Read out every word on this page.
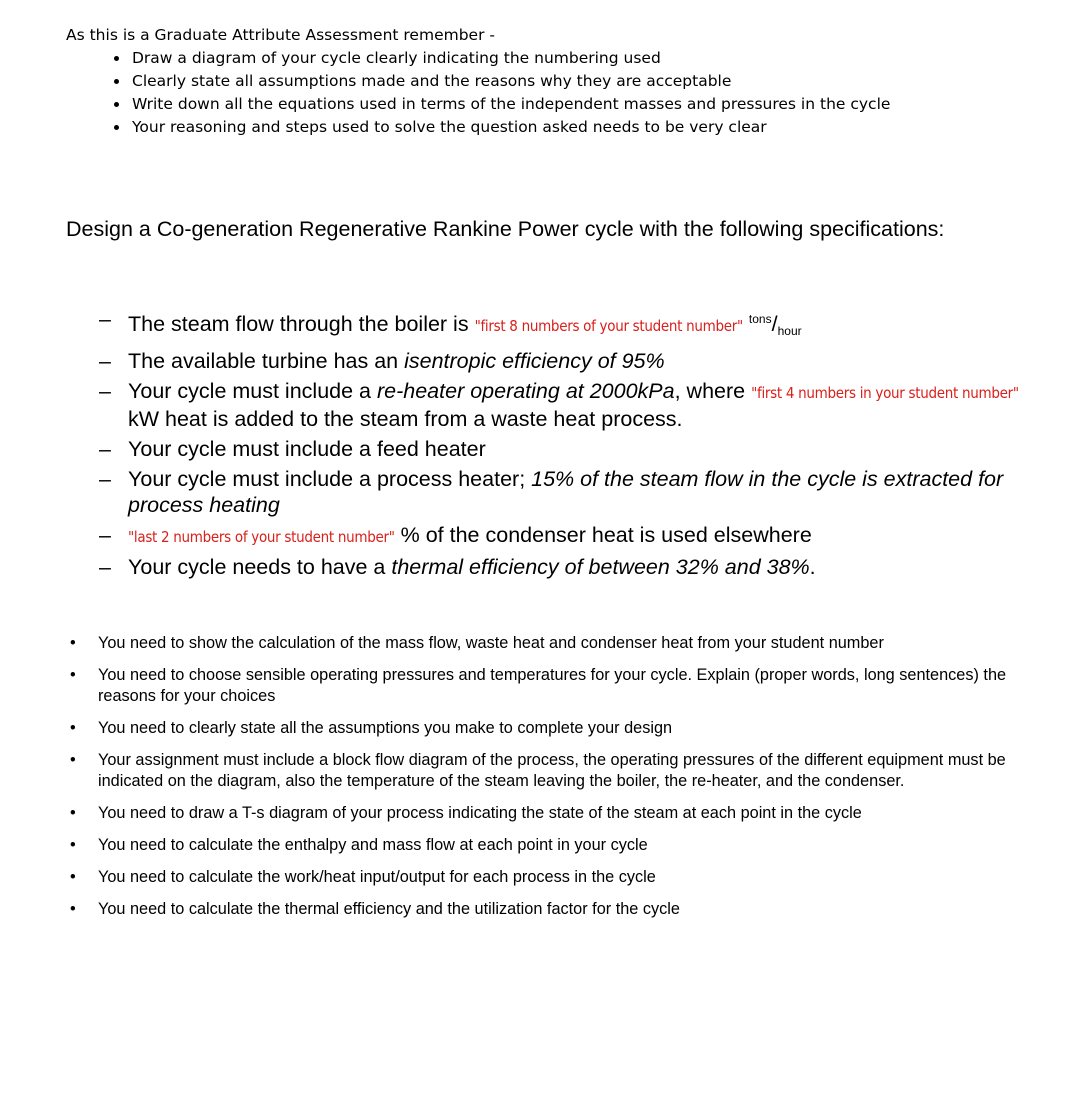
As this is a Graduate Attribute Assessment remember -

• Draw a diagram of your cycle clearly indicating the numbering used
• Clearly state all assumptions made and the reasons why they are acceptable
• Write down all the equations used in terms of the independent masses and pressures in the cycle
• Your reasoning and steps used to solve the question asked needs to be very clear

Design a Co-generation Regenerative Rankine Power cycle with the following specifications:

– The steam flow through the boiler is "first 8 numbers of your student number" $^{tons}/_{hour}$
– The available turbine has an isentropic efficiency of 95%
– Your cycle must include a re-heater operating at 2000kPa, where "first 4 numbers in your student number" kW heat is added to the steam from a waste heat process.
– Your cycle must include a feed heater
– Your cycle must include a process heater; 15% of the steam flow in the cycle is extracted for process heating
– "last 2 numbers of your student number" % of the condenser heat is used elsewhere
– Your cycle needs to have a thermal efficiency of between 32% and 38%.
• You need to show the calculation of the mass flow, waste heat and condenser heat from your student number
• You need to choose sensible operating pressures and temperatures for your cycle. Explain (proper words, long sentences) the reasons for your choices
• You need to clearly state all the assumptions you make to complete your design
• Your assignment must include a block flow diagram of the process, the operating pressures of the different equipment must be indicated on the diagram, also the temperature of the steam leaving the boiler, the re-heater, and the condenser.
• You need to draw a T-s diagram of your process indicating the state of the steam at each point in the cycle
• You need to calculate the enthalpy and mass flow at each point in your cycle
• You need to calculate the work/heat input/output for each process in the cycle
• You need to calculate the thermal efficiency and the utilization factor for the cycle
